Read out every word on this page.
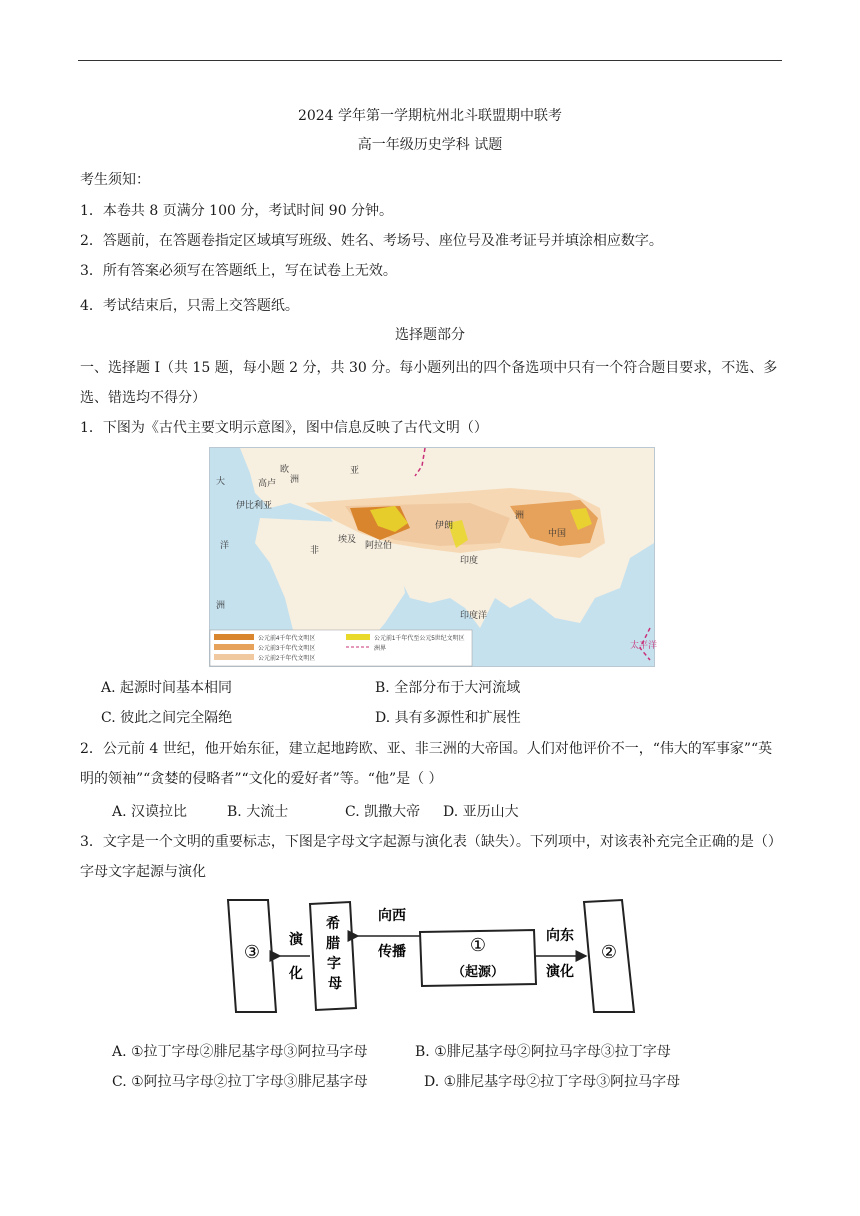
2024 学年第一学期杭州北斗联盟期中联考
高一年级历史学科 试题
考生须知：
1．本卷共 8 页满分 100 分，考试时间 90 分钟。
2．答题前，在答题卷指定区域填写班级、姓名、考场号、座位号及准考证号并填涂相应数字。
3．所有答案必须写在答题纸上，写在试卷上无效。
4．考试结束后，只需上交答题纸。
选择题部分
一、选择题 I（共 15 题，每小题 2 分，共 30 分。每小题列出的四个备选项中只有一个符合题目要求，不选、多选、错选均不得分）
1．下图为《古代主要文明示意图》，图中信息反映了古代文明（）
欧
洲
高卢
伊比利亚
大
亚
洲
伊朗
印度
中国
非
洲
阿拉伯
埃及
洋
印度洋
太平洋
公元前4千年代文明区
公元前3千年代文明区
公元前2千年代文明区
公元前1千年代至公元5世纪文明区
洲界
A. 起源时间基本相同	B. 全部分布于大河流域
C. 彼此之间完全隔绝	D. 具有多源性和扩展性
2．公元前 4 世纪，他开始东征，建立起地跨欧、亚、非三洲的大帝国。人们对他评价不一，“伟大的军事家”“英明的领袖”“贪婪的侵略者”“文化的爱好者”等。“他”是（ ）
A. 汉谟拉比	B. 大流士	C. 凯撒大帝 D. 亚历山大
3．文字是一个文明的重要标志，下图是字母文字起源与演化表（缺失）。下列项中，对该表补充完全正确的是（）字母文字起源与演化
③
演
化
希
腊
字
母
向西
传播	①
（起源）
向东
演化
②
A. ①拉丁字母②腓尼基字母③阿拉马字母	B. ①腓尼基字母②阿拉马字母③拉丁字母
C. ①阿拉马字母②拉丁字母③腓尼基字母	D. ①腓尼基字母②拉丁字母③阿拉马字母
